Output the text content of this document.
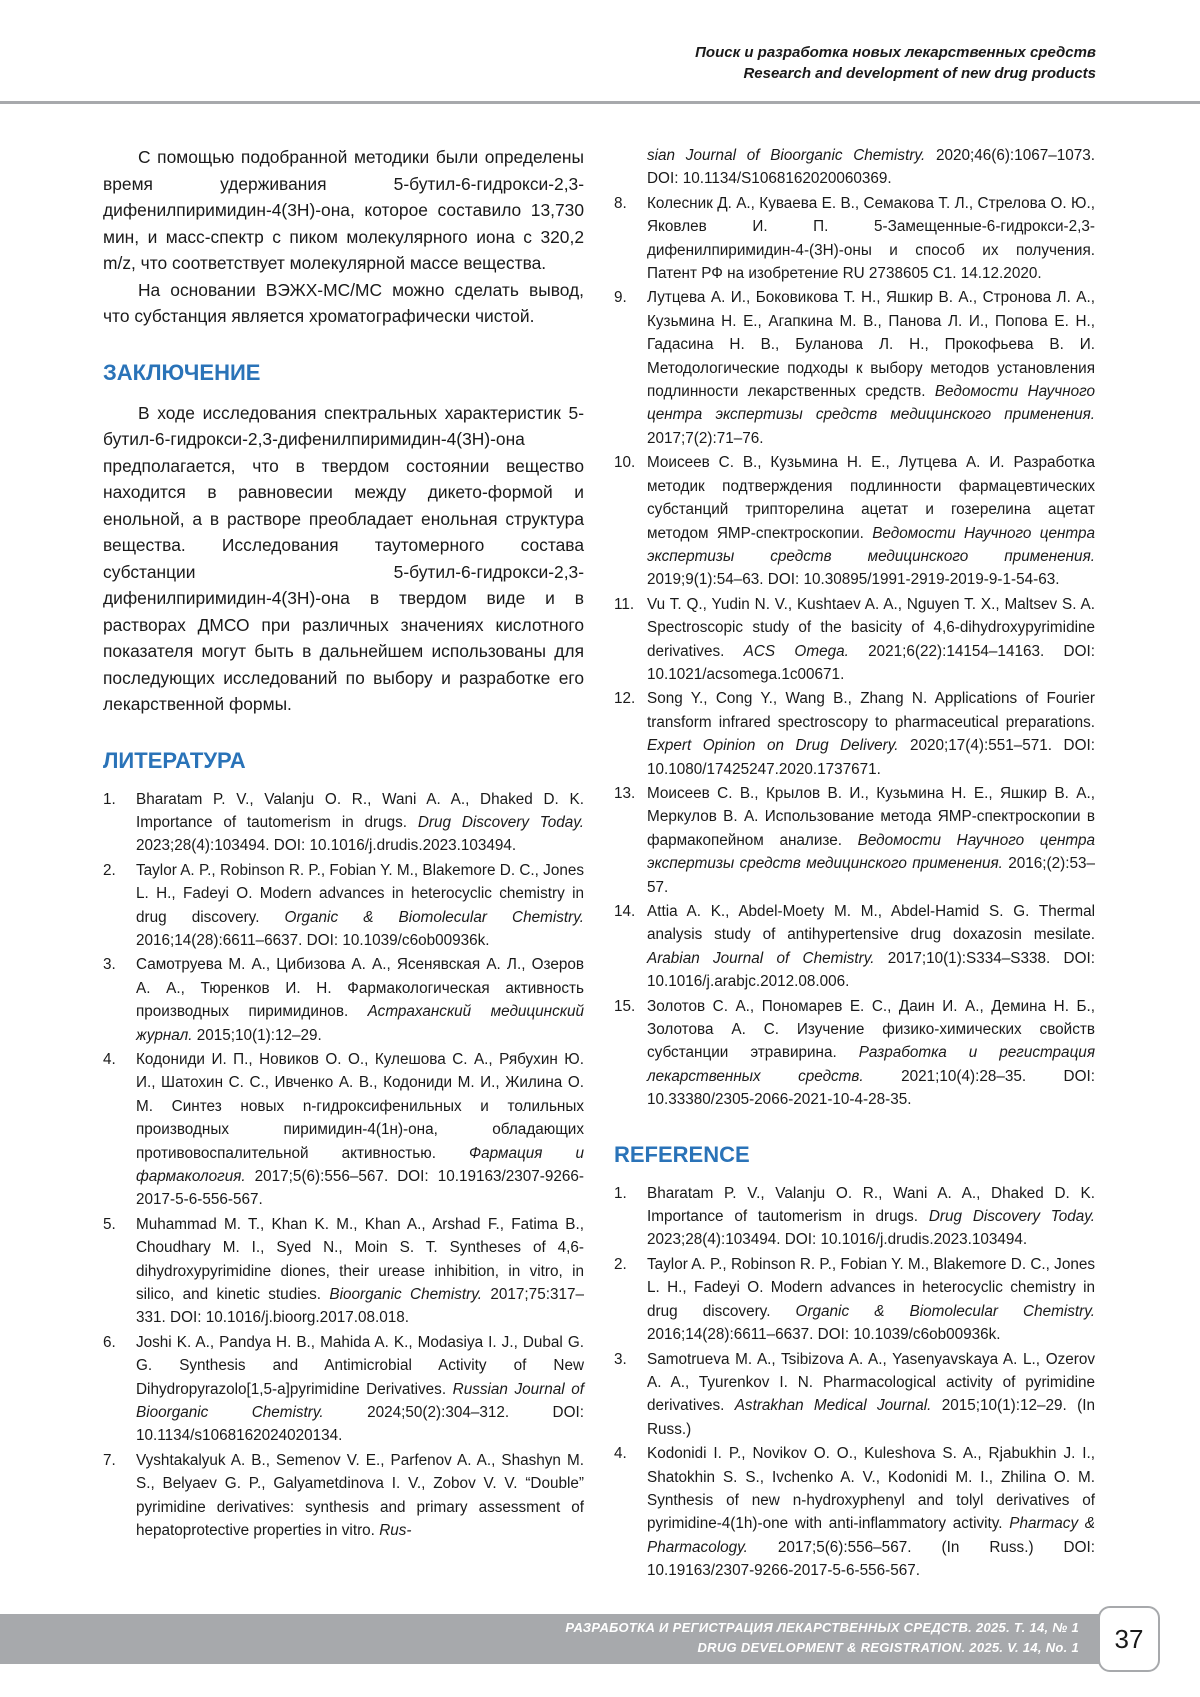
Поиск и разработка новых лекарственных средств
Research and development of new drug products

С помощью подобранной методики были определены время удерживания 5-бутил-6-гидрокси-2,3-дифенилпиримидин-4(3Н)-она, которое составило 13,730 мин, и масс-спектр с пиком молекулярного иона с 320,2 m/z, что соответствует молекулярной массе вещества.

На основании ВЭЖХ-МС/МС можно сделать вывод, что субстанция является хроматографически чистой.

ЗАКЛЮЧЕНИЕ

В ходе исследования спектральных характеристик 5-бутил-6-гидрокси-2,3-дифенилпиримидин-4(3Н)-она предполагается, что в твердом состоянии вещество находится в равновесии между дикето-формой и енольной, а в растворе преобладает енольная структура вещества. Исследования таутомерного состава субстанции 5-бутил-6-гидрокси-2,3-дифенилпиримидин-4(3Н)-она в твердом виде и в растворах ДМСО при различных значениях кислотного показателя могут быть в дальнейшем использованы для последующих исследований по выбору и разработке его лекарственной формы.

ЛИТЕРАТУРА
1. Bharatam P. V., Valanju O. R., Wani A. A., Dhaked D. K. Importance of tautomerism in drugs. Drug Discovery Today. 2023;28(4):103494. DOI: 10.1016/j.drudis.2023.103494.
2. Taylor A. P., Robinson R. P., Fobian Y. M., Blakemore D. C., Jones L. H., Fadeyi O. Modern advances in heterocyclic chemistry in drug discovery. Organic & Biomolecular Chemistry. 2016;14(28):6611–6637. DOI: 10.1039/c6ob00936k.
3. Самотруева М. А., Цибизова А. А., Ясенявская А. Л., Озеров А. А., Тюренков И. Н. Фармакологическая активность производных пиримидинов. Астраханский медицинский журнал. 2015;10(1):12–29.
4. Кодониди И. П., Новиков О. О., Кулешова С. А., Рябухин Ю. И., Шатохин С. С., Ивченко А. В., Кодониди М. И., Жилина О. М. Синтез новых n-гидроксифенильных и толильных производных пиримидин-4(1н)-она, обладающих противовоспалительной активностью. Фармация и фармакология. 2017;5(6):556–567. DOI: 10.19163/2307-9266-2017-5-6-556-567.
5. Muhammad M. T., Khan K. M., Khan A., Arshad F., Fatima B., Choudhary M. I., Syed N., Moin S. T. Syntheses of 4,6-dihydroxypyrimidine diones, their urease inhibition, in vitro, in silico, and kinetic studies. Bioorganic Chemistry. 2017;75:317–331. DOI: 10.1016/j.bioorg.2017.08.018.
6. Joshi K. A., Pandya H. B., Mahida A. K., Modasiya I. J., Dubal G. G. Synthesis and Antimicrobial Activity of New Dihydropyrazolo[1,5-a]pyrimidine Derivatives. Russian Journal of Bioorganic Chemistry. 2024;50(2):304–312. DOI: 10.1134/s1068162024020134.
7. Vyshtakalyuk A. B., Semenov V. E., Parfenov A. A., Shashyn M. S., Belyaev G. P., Galyametdinova I. V., Zobov V. V. “Double” pyrimidine derivatives: synthesis and primary assessment of hepatoprotective properties in vitro. Rus-
sian Journal of Bioorganic Chemistry. 2020;46(6):1067–1073. DOI: 10.1134/S1068162020060369.
8. Колесник Д. А., Куваева Е. В., Семакова Т. Л., Стрелова О. Ю., Яковлев И. П. 5-Замещенные-6-гидрокси-2,3-дифенилпиримидин-4-(3Н)-оны и способ их получения. Патент РФ на изобретение RU 2738605 C1. 14.12.2020.
9. Лутцева А. И., Боковикова Т. Н., Яшкир В. А., Стронова Л. А., Кузьмина Н. Е., Агапкина М. В., Панова Л. И., Попова Е. Н., Гадасина Н. В., Буланова Л. Н., Прокофьева В. И. Методологические подходы к выбору методов установления подлинности лекарственных средств. Ведомости Научного центра экспертизы средств медицинского применения. 2017;7(2):71–76.
10. Моисеев С. В., Кузьмина Н. Е., Лутцева А. И. Разработка методик подтверждения подлинности фармацевтических субстанций трипторелина ацетат и гозерелина ацетат методом ЯМР-спектроскопии. Ведомости Научного центра экспертизы средств медицинского применения. 2019;9(1):54–63. DOI: 10.30895/1991-2919-2019-9-1-54-63.
11. Vu T. Q., Yudin N. V., Kushtaev A. A., Nguyen T. X., Maltsev S. A. Spectroscopic study of the basicity of 4,6-dihydroxypyrimidine derivatives. ACS Omega. 2021;6(22):14154–14163. DOI: 10.1021/acsomega.1c00671.
12. Song Y., Cong Y., Wang B., Zhang N. Applications of Fourier transform infrared spectroscopy to pharmaceutical preparations. Expert Opinion on Drug Delivery. 2020;17(4):551–571. DOI: 10.1080/17425247.2020.1737671.
13. Моисеев С. В., Крылов В. И., Кузьмина Н. Е., Яшкир В. А., Меркулов В. А. Использование метода ЯМР-спектроскопии в фармакопейном анализе. Ведомости Научного центра экспертизы средств медицинского применения. 2016;(2):53–57.
14. Attia A. K., Abdel-Moety M. M., Abdel-Hamid S. G. Thermal analysis study of antihypertensive drug doxazosin mesilate. Arabian Journal of Chemistry. 2017;10(1):S334–S338. DOI: 10.1016/j.arabjc.2012.08.006.
15. Золотов С. А., Пономарев Е. С., Даин И. А., Демина Н. Б., Золотова А. С. Изучение физико-химических свойств субстанции этравирина. Разработка и регистрация лекарственных средств. 2021;10(4):28–35. DOI: 10.33380/2305-2066-2021-10-4-28-35.
REFERENCE
1. Bharatam P. V., Valanju O. R., Wani A. A., Dhaked D. K. Importance of tautomerism in drugs. Drug Discovery Today. 2023;28(4):103494. DOI: 10.1016/j.drudis.2023.103494.
2. Taylor A. P., Robinson R. P., Fobian Y. M., Blakemore D. C., Jones L. H., Fadeyi O. Modern advances in heterocyclic chemistry in drug discovery. Organic & Biomolecular Chemistry. 2016;14(28):6611–6637. DOI: 10.1039/c6ob00936k.
3. Samotrueva M. A., Tsibizova A. A., Yasenyavskaya A. L., Ozerov A. A., Tyurenkov I. N. Pharmacological activity of pyrimidine derivatives. Astrakhan Medical Journal. 2015;10(1):12–29. (In Russ.)
4. Kodonidi I. P., Novikov O. O., Kuleshova S. A., Rjabukhin J. I., Shatokhin S. S., Ivchenko A. V., Kodonidi M. I., Zhilina O. M. Synthesis of new n-hydroxyphenyl and tolyl derivatives of pyrimidine-4(1h)-one with anti-inflammatory activity. Pharmacy & Pharmacology. 2017;5(6):556–567. (In Russ.) DOI: 10.19163/2307-9266-2017-5-6-556-567.
РАЗРАБОТКА И РЕГИСТРАЦИЯ ЛЕКАРСТВЕННЫХ СРЕДСТВ. 2025. Т. 14, № 1
DRUG DEVELOPMENT & REGISTRATION. 2025. V. 14, No. 1	37
